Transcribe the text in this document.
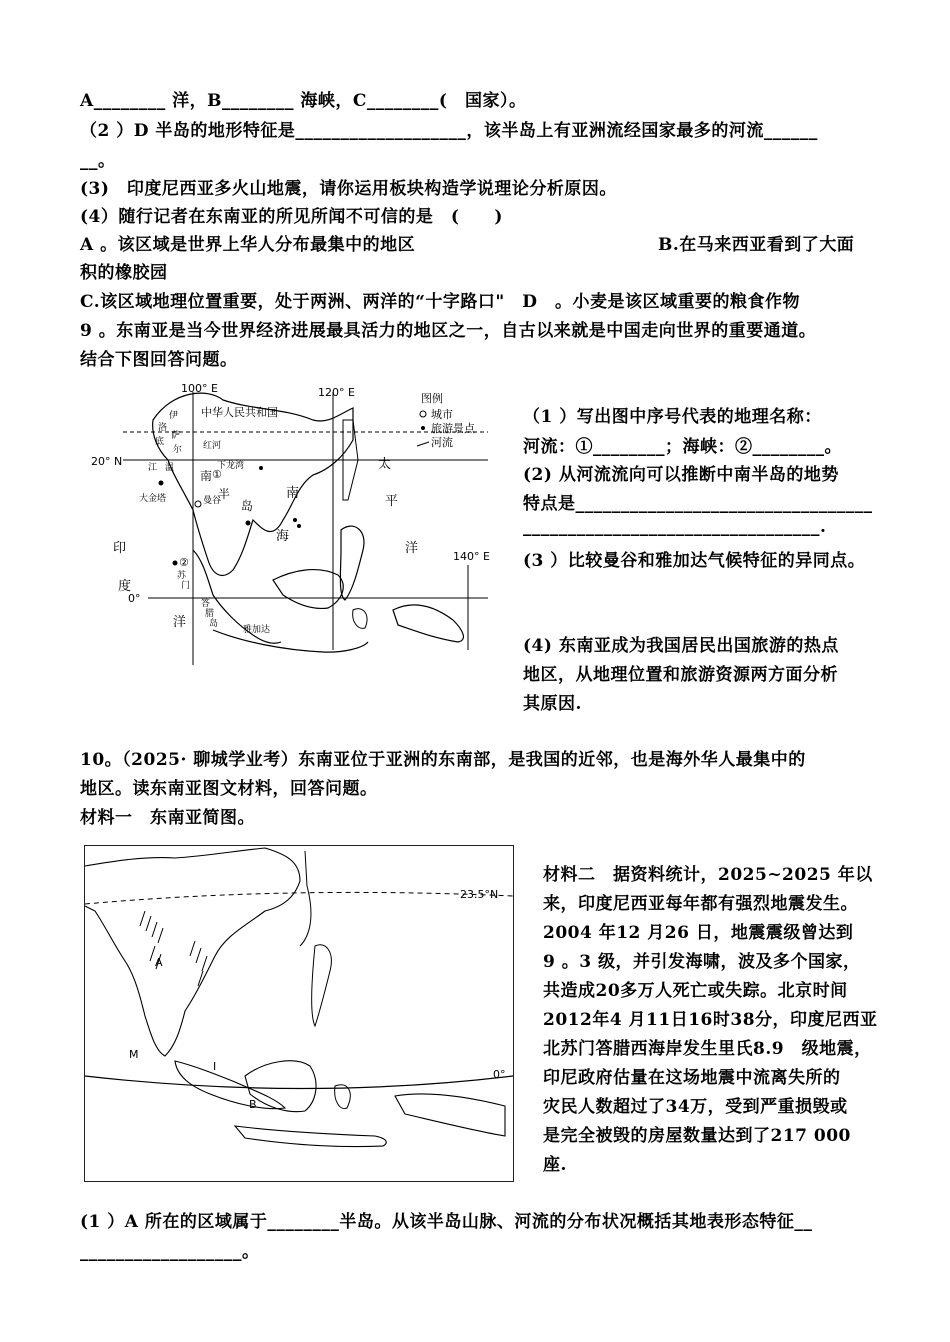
A________ 洋，B________ 海峡，C________(　国家）。
（2 ）D 半岛的地形特征是___________________，该半岛上有亚洲流经国家最多的河流______
__。
(3)　印度尼西亚多火山地震，请你运用板块构造学说理论分析原因。
(4）随行记者在东南亚的所见所闻不可信的是　(　　)
A 。该区域是世界上华人分布最集中的地区	B.在马来西亚看到了大面
积的橡胶园
C.该区域地理位置重要，处于两洲、两洋的“十字路口"　D　。小麦是该区域重要的粮食作物
9 。东南亚是当今世界经济进展最具活力的地区之一，自古以来就是中国走向世界的重要通道。
结合下图回答问题。
100° E	120° E
20° N
140° E
0°
中华人民共和国
图例
城市
旅游景点
河流
太
平
洋
印
度
洋
南
海
南
半
岛
①
②
曼谷
大金塔
雅加达
下龙湾
红河
伊
洛
底
江
萨
尔
温
苏
门
答
腊
岛
（1 ）写出图中序号代表的地理名称：
河流：①________；海峡：②________。
(2) 从河流流向可以推断中南半岛的地势
特点是_________________________________
_________________________________.
(3 ）比较曼谷和雅加达气候特征的异同点。
(4) 东南亚成为我国居民出国旅游的热点
地区，从地理位置和旅游资源两方面分析
其原因.
10。（2025· 聊城学业考）东南亚位于亚洲的东南部，是我国的近邻，也是海外华人最集中的
地区。读东南亚图文材料，回答问题。
材料一　东南亚简图。
23.5°N
0°
A
B
M
I
材料二　据资料统计，2025~2025 年以
来，印度尼西亚每年都有强烈地震发生。
2004 年12 月26 日，地震震级曾达到
9 。3 级，并引发海啸，波及多个国家，
共造成20多万人死亡或失踪。北京时间
2012年4 月11日16时38分，印度尼西亚
北苏门答腊西海岸发生里氏8.9　级地震，
印尼政府估量在这场地震中流离失所的
灾民人数超过了34万，受到严重损毁或
是完全被毁的房屋数量达到了217 000
座.
(1 ）A 所在的区域属于________半岛。从该半岛山脉、河流的分布状况概括其地表形态特征__
__________________。
